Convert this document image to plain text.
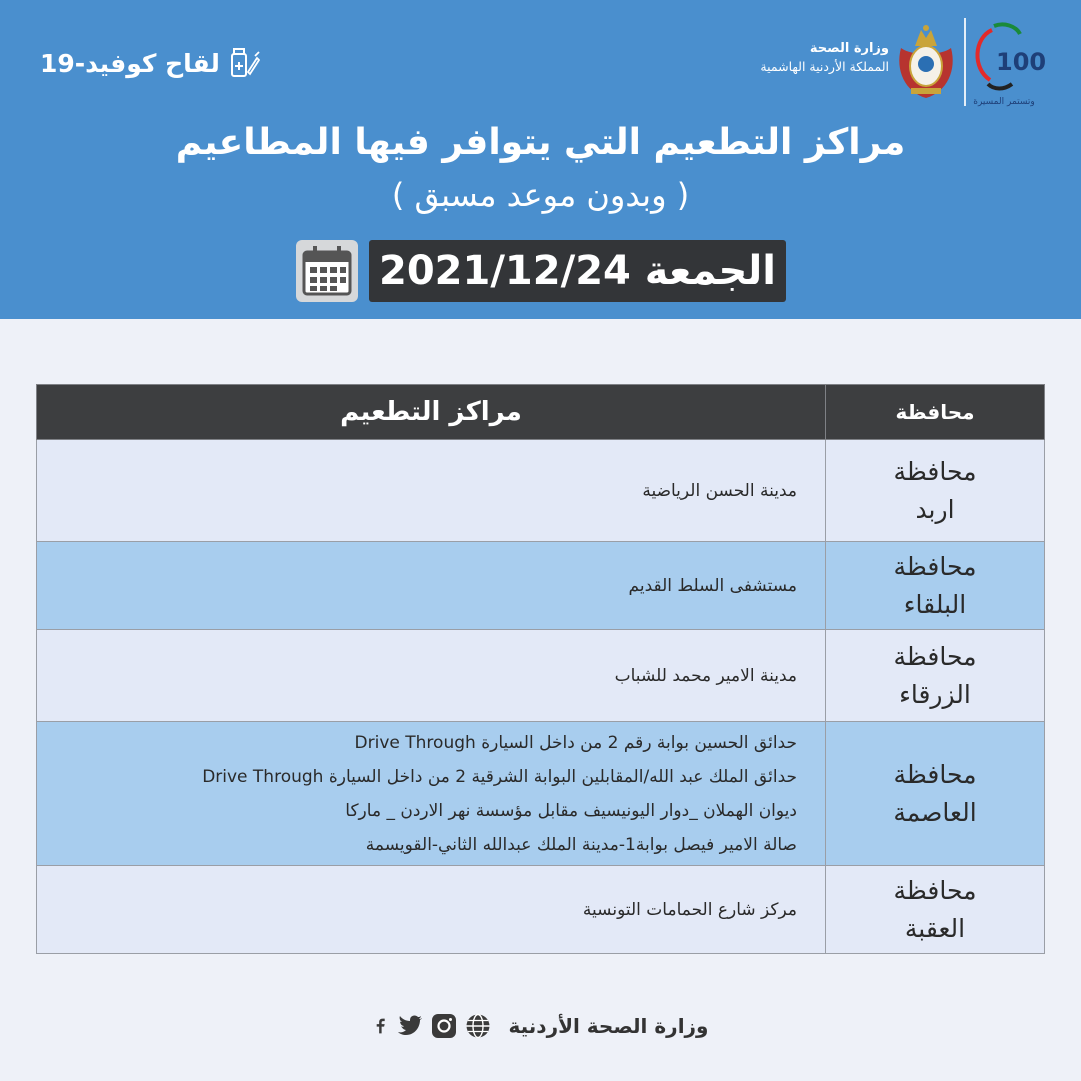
100
وتستمر المسيرة
وزارة الصحة
المملكة الأردنية الهاشمية
لقاح كوفيد-19
مراكز التطعيم التي يتوافر فيها المطاعيم
( وبدون موعد مسبق )
الجمعة 2021/12/24
محافظة	مراكز التطعيم

محافظة اربد	مدينة الحسن الرياضية

محافظة البلقاء	مستشفى السلط القديم

محافظة الزرقاء	مدينة الامير محمد للشباب

محافظة العاصمة	حدائق الحسين بوابة رقم 2 من داخل السيارة Drive Through
حدائق الملك عبد الله/المقابلين البوابة الشرقية 2 من داخل السيارة Drive Through
ديوان الهملان _دوار اليونيسيف مقابل مؤسسة نهر الاردن _ ماركا
صالة الامير فيصل بوابة1-مدينة الملك عبدالله الثاني-القويسمة

محافظة العقبة	مركز شارع الحمامات التونسية
وزارة الصحة الأردنية
